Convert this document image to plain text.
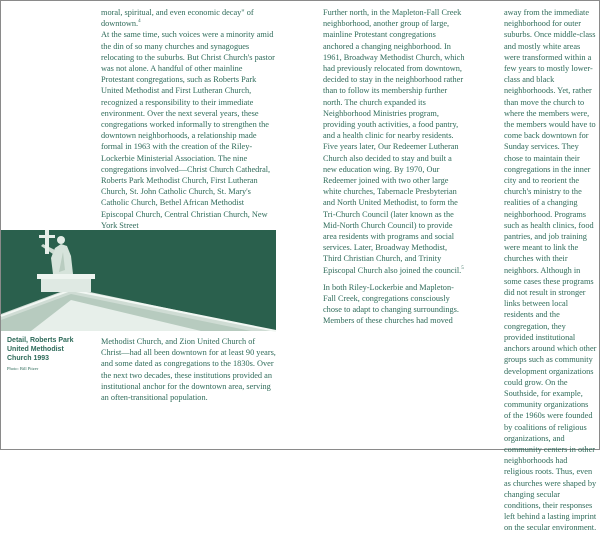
moral, spiritual, and even economic decay" of downtown.$^4$

At the same time, such voices were a minority amid the din of so many churches and synagogues relocating to the suburbs. But Christ Church's pastor was not alone. A handful of other mainline Protestant congregations, such as Roberts Park United Methodist and First Lutheran Church, recognized a responsibility to their immediate environment. Over the next several years, these congregations worked informally to strengthen the downtown neighborhoods, a relationship made formal in 1963 with the creation of the Riley-Lockerbie Ministerial Association. The nine congregations involved—Christ Church Cathedral, Roberts Park Methodist Church, First Lutheran Church, St. John Catholic Church, St. Mary's Catholic Church, Bethel African Methodist Episcopal Church, Central Christian Church, New York Street

Detail, Roberts Park United Methodist Church 1993

Photo: Bill Pitzer

Methodist Church, and Zion United Church of Christ—had all been downtown for at least 90 years, and some dated as congregations to the 1830s. Over the next two decades, these institutions provided an institutional anchor for the downtown area, serving an often-transitional population.

Further north, in the Mapleton-Fall Creek neighborhood, another group of large, mainline Protestant congregations anchored a changing neighborhood. In 1961, Broadway Methodist Church, which had previously relocated from downtown, decided to stay in the neighborhood rather than to follow its membership further north. The church expanded its Neighborhood Ministries program, providing youth activities, a food pantry, and a health clinic for nearby residents. Five years later, Our Redeemer Lutheran Church also decided to stay and built a new education wing. By 1970, Our Redeemer joined with two other large white churches, Tabernacle Presbyterian and North United Methodist, to form the Tri-Church Council (later known as the Mid-North Church Council) to provide area residents with programs and social services. Later, Broadway Methodist, Third Christian Church, and Trinity Episcopal Church also joined the council.$^5$

In both Riley-Lockerbie and Mapleton-Fall Creek, congregations consciously chose to adapt to changing surroundings. Members of these churches had moved

away from the immediate neighborhood for outer suburbs. Once middle-class and mostly white areas were transformed within a few years to mostly lower-class and black neighborhoods. Yet, rather than move the church to where the members were, the members would have to come back downtown for Sunday services. They chose to maintain their congregations in the inner city and to reorient the church's ministry to the realities of a changing neighborhood. Programs such as health clinics, food pantries, and job training were meant to link the churches with their neighbors. Although in some cases these programs did not result in stronger links between local residents and the congregation, they provided institutional anchors around which other groups such as community development organizations could grow. On the Southside, for example, community organizations of the 1960s were founded by coalitions of religious organizations, and community centers in other neighborhoods had religious roots. Thus, even as churches were shaped by changing secular conditions, their responses left behind a lasting imprint on the secular environment.
